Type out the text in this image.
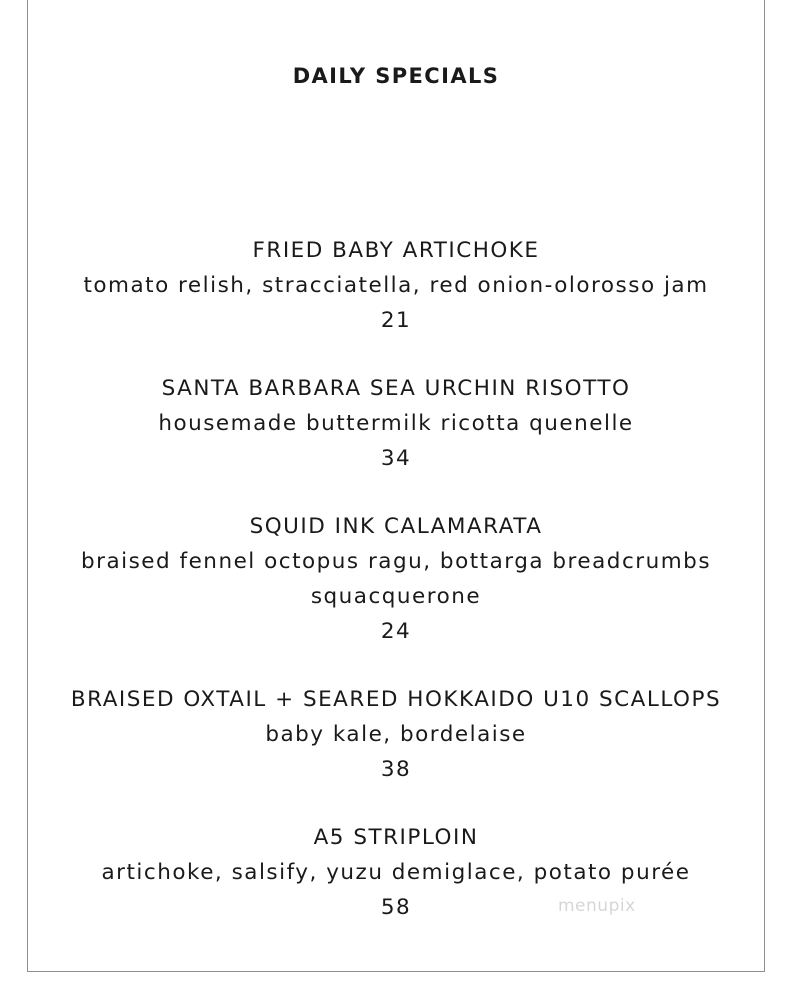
DAILY SPECIALS
FRIED BABY ARTICHOKE
tomato relish, stracciatella, red onion-olorosso jam
21
SANTA BARBARA SEA URCHIN RISOTTO
housemade buttermilk ricotta quenelle
34
SQUID INK CALAMARATA
braised fennel octopus ragu, bottarga breadcrumbs
squacquerone
24
BRAISED OXTAIL + SEARED HOKKAIDO U10 SCALLOPS
baby kale, bordelaise
38
A5 STRIPLOIN
artichoke, salsify, yuzu demiglace, potato purée
58	menupix
